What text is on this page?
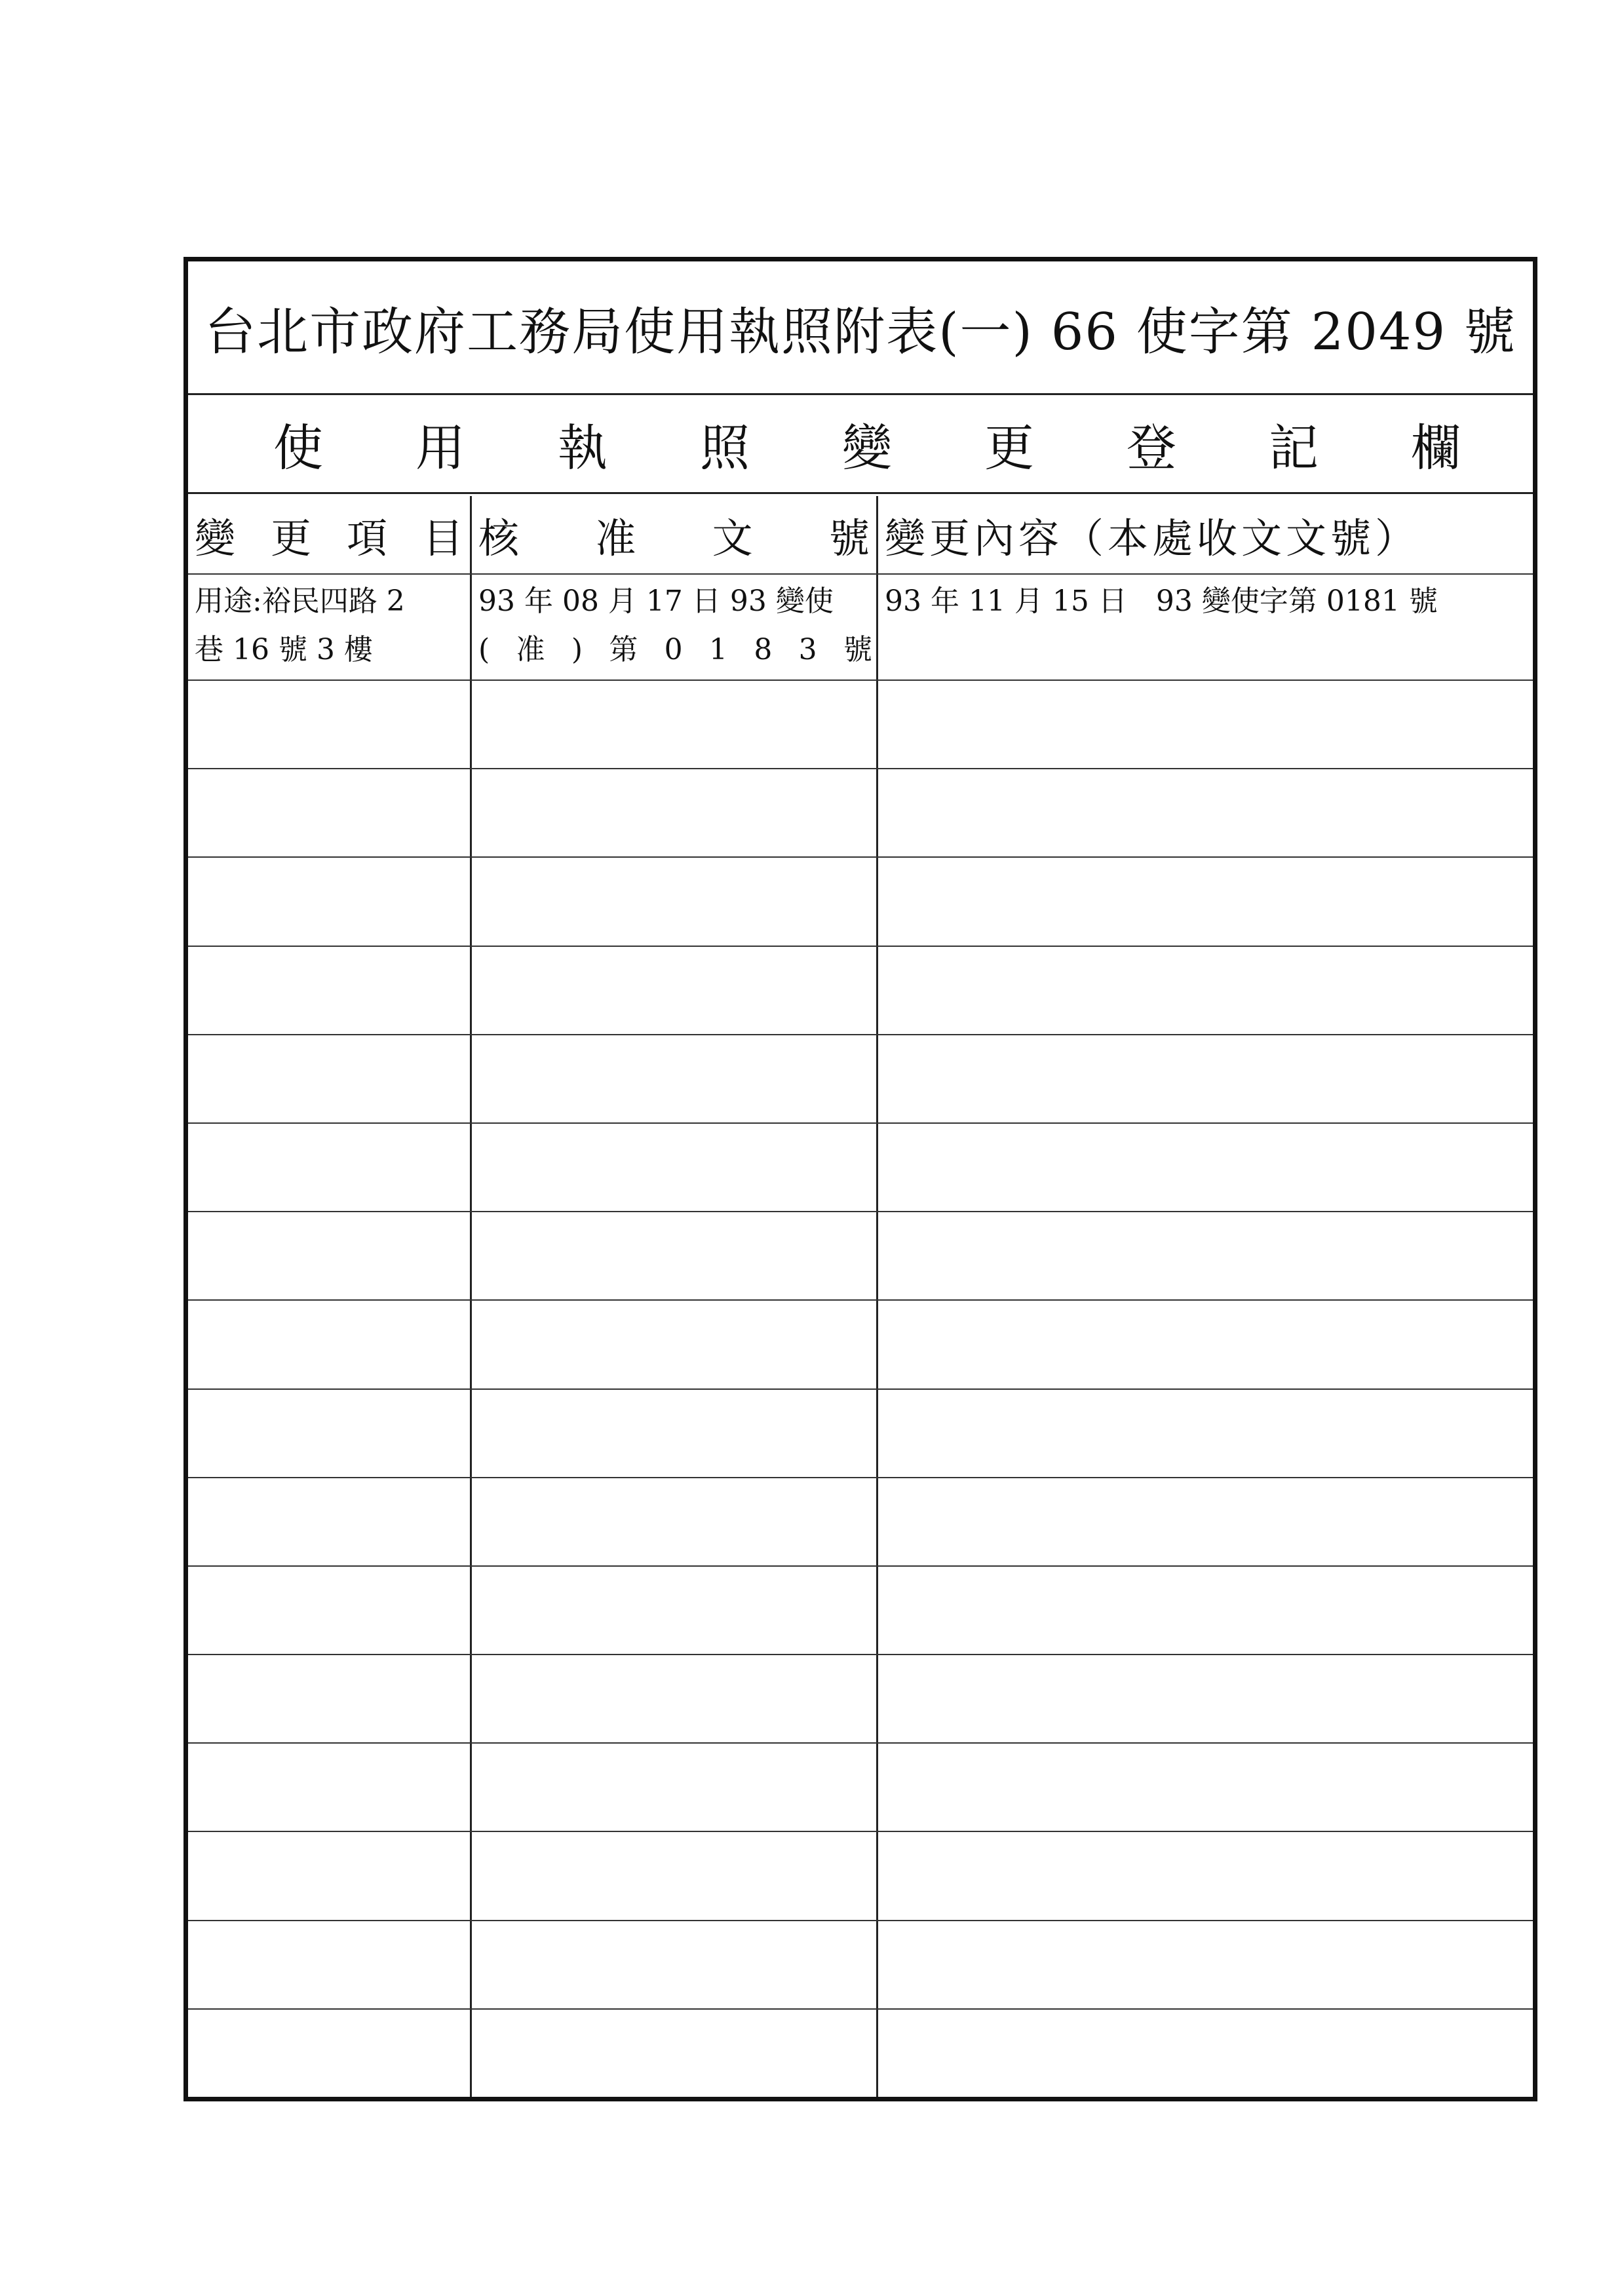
台北市政府工務局使用執照附表(一) 66 使字第 2049 號
使 用 執 照 變 更 登 記 欄
變 更 項 目 核 准 文 號 變更內容（本處收文文號）
用途:裕民四路 2
巷 16 號 3 樓
93 年 08 月 17 日 93 變使
( 准 ) 第 0 1 8 3 號
93 年 11 月 15 日　93 變使字第 0181 號
